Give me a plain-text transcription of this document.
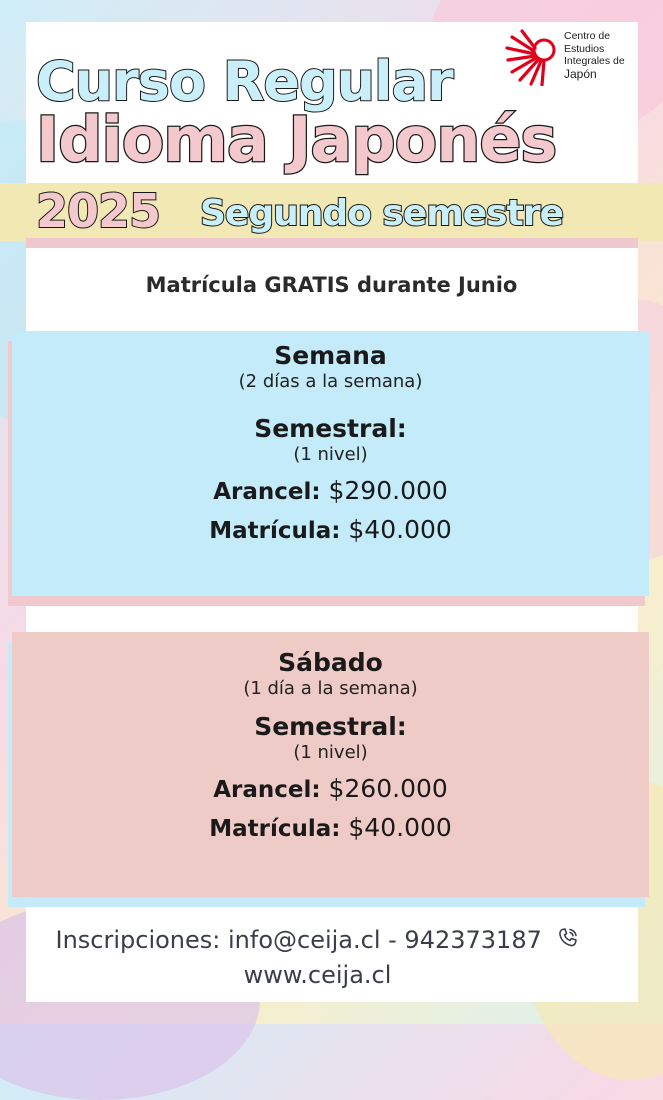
Curso Regular
Idioma Japonés
2025 Segundo semestre
Centro de
Estudios
Integrales de
Japón
Matrícula GRATIS durante Junio
Semana
(2 días a la semana)
Semestral:
(1 nivel)
Arancel: $290.000
Matrícula: $40.000
Sábado
(1 día a la semana)
Semestral:
(1 nivel)
Arancel: $260.000
Matrícula: $40.000
Inscripciones: info@ceija.cl - 942373187
www.ceija.cl
